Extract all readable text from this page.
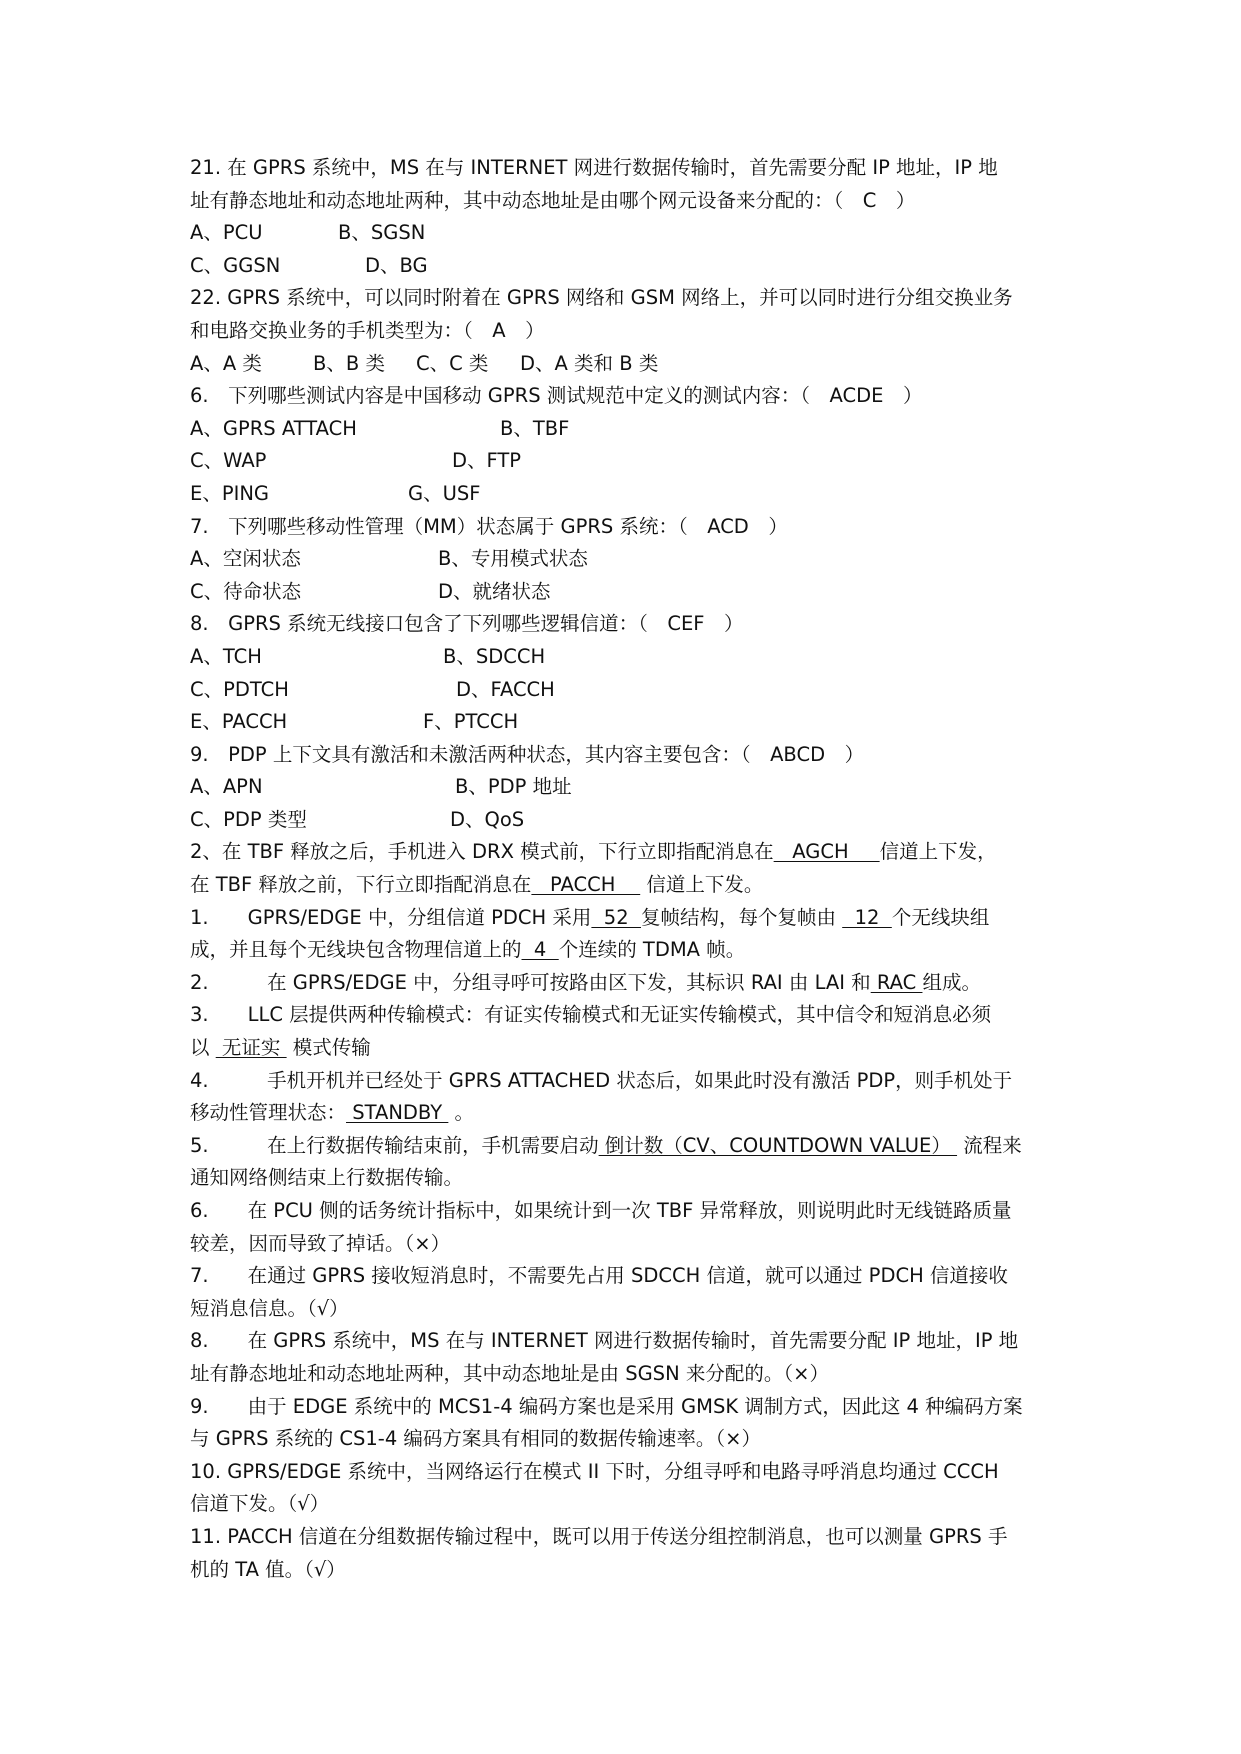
21. 在 GPRS 系统中，MS 在与 INTERNET 网进行数据传输时，首先需要分配 IP 地址，IP 地
址有静态地址和动态地址两种，其中动态地址是由哪个网元设备来分配的：（　C　）
A、PCU	B、SGSN
C、GGSN	D、BG
22. GPRS 系统中，可以同时附着在 GPRS 网络和 GSM 网络上，并可以同时进行分组交换业务
和电路交换业务的手机类型为：（　A　）
A、A 类	B、B 类 C、C 类 D、A 类和 B 类
6.　下列哪些测试内容是中国移动 GPRS 测试规范中定义的测试内容：（　ACDE　）
A、GPRS ATTACH	B、TBF
C、WAP	D、FTP
E、PING	G、USF
7.　下列哪些移动性管理（MM）状态属于 GPRS 系统：（　ACD　）
A、空闲状态	B、专用模式状态
C、待命状态	D、就绪状态
8.　GPRS 系统无线接口包含了下列哪些逻辑信道：（　CEF　）
A、TCH	B、SDCCH
C、PDTCH	D、FACCH
E、PACCH	F、PTCCH
9.　PDP 上下文具有激活和未激活两种状态，其内容主要包含：（　ABCD　）
A、APN	B、PDP 地址
C、PDP 类型	D、QoS
2、在 TBF 释放之后，手机进入 DRX 模式前，下行立即指配消息在   AGCH     信道上下发，
在 TBF 释放之前，下行立即指配消息在   PACCH     信道上下发。
1.　　GPRS/EDGE 中，分组信道 PDCH 采用  52  复帧结构，每个复帧由   12  个无线块组
成，并且每个无线块包含物理信道上的  4  个连续的 TDMA 帧。
2.　　　在 GPRS/EDGE 中，分组寻呼可按路由区下发，其标识 RAI 由 LAI 和 RAC 组成。
3.　　LLC 层提供两种传输模式：有证实传输模式和无证实传输模式，其中信令和短消息必须
以  无证实  模式传输
4.　　　手机开机并已经处于 GPRS ATTACHED 状态后，如果此时没有激活 PDP，则手机处于
移动性管理状态： STANDBY  。
5.　　　在上行数据传输结束前，手机需要启动 倒计数（CV、COUNTDOWN VALUE）  流程来
通知网络侧结束上行数据传输。
6.　　在 PCU 侧的话务统计指标中，如果统计到一次 TBF 异常释放，则说明此时无线链路质量
较差，因而导致了掉话。（×）
7.　　在通过 GPRS 接收短消息时，不需要先占用 SDCCH 信道，就可以通过 PDCH 信道接收
短消息信息。（√）
8.　　在 GPRS 系统中，MS 在与 INTERNET 网进行数据传输时，首先需要分配 IP 地址，IP 地
址有静态地址和动态地址两种，其中动态地址是由 SGSN 来分配的。（×）
9.　　由于 EDGE 系统中的 MCS1-4 编码方案也是采用 GMSK 调制方式，因此这 4 种编码方案
与 GPRS 系统的 CS1-4 编码方案具有相同的数据传输速率。（×）
10. GPRS/EDGE 系统中，当网络运行在模式 II 下时，分组寻呼和电路寻呼消息均通过 CCCH
信道下发。（√）
11. PACCH 信道在分组数据传输过程中，既可以用于传送分组控制消息，也可以测量 GPRS 手
机的 TA 值。（√）
